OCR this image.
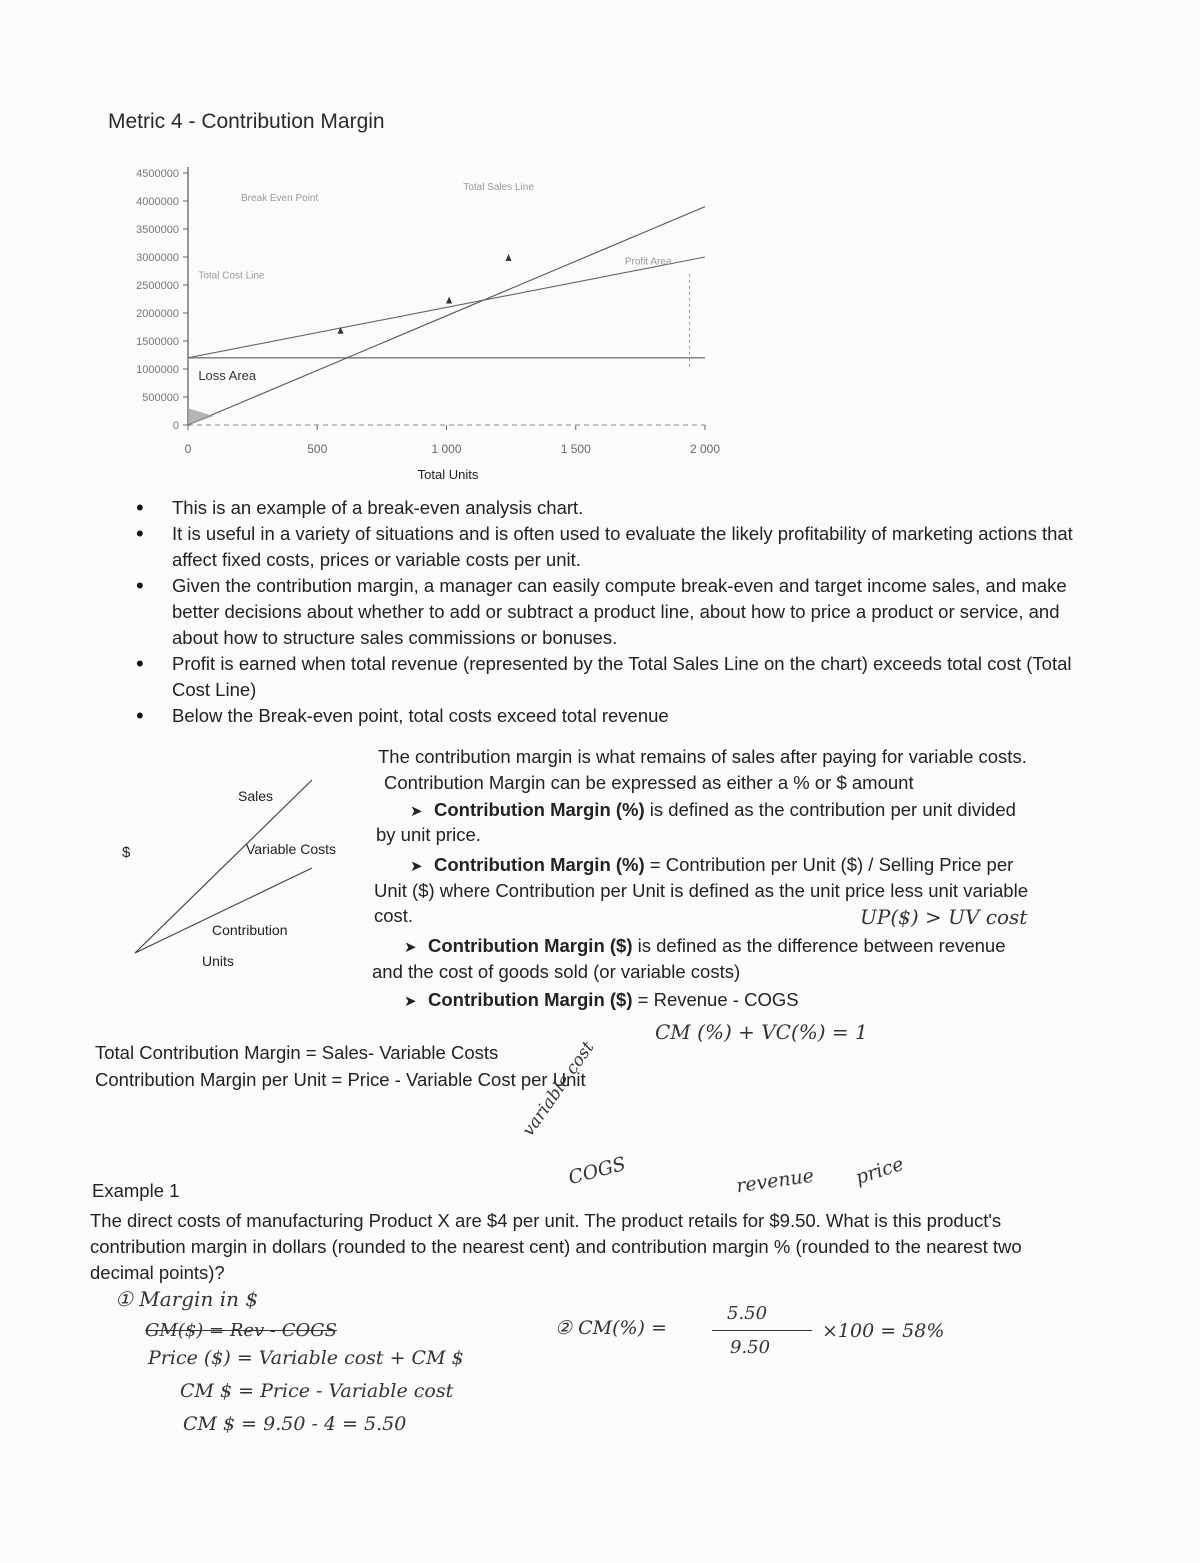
Metric 4 - Contribution Margin
0
500000
1000000
1500000
2000000
2500000
3000000
3500000
4000000
4500000
0	500	1 000	1 500	2 000
Break Even Point
Total Sales Line
Total Cost Line
Profit Area
Loss Area
Total Units
• This is an example of a break-even analysis chart.
• It is useful in a variety of situations and is often used to evaluate the likely profitability of marketing actions that affect fixed costs, prices or variable costs per unit.
• Given the contribution margin, a manager can easily compute break-even and target income sales, and make better decisions about whether to add or subtract a product line, about how to price a product or service, and about how to structure sales commissions or bonuses.
• Profit is earned when total revenue (represented by the Total Sales Line on the chart) exceeds total cost (Total Cost Line)
• Below the Break-even point, total costs exceed total revenue
Sales
Variable Costs
Contribution
Units
$
The contribution margin is what remains of sales after paying for variable costs.
Contribution Margin can be expressed as either a % or $ amount
➤ Contribution Margin (%) is defined as the contribution per unit divided
by unit price.
➤ Contribution Margin (%) = Contribution per Unit ($) / Selling Price per
Unit ($) where Contribution per Unit is defined as the unit price less unit variable
cost.
➤ Contribution Margin ($) is defined as the difference between revenue
and the cost of goods sold (or variable costs)
➤ Contribution Margin ($) = Revenue - COGS
UP($) > UV cost
CM (%) + VC(%) = 1
Total Contribution Margin = Sales- Variable Costs
Contribution Margin per Unit = Price - Variable Cost per Unit
variable cost
COGS	revenue price
Example 1
The direct costs of manufacturing Product X are $4 per unit. The product retails for $9.50. What is this product's contribution margin in dollars (rounded to the nearest cent) and contribution margin % (rounded to the nearest two decimal points)?
① Margin in $
GM($) = Rev - COGS
Price ($) = Variable cost + CM $
CM $ = Price - Variable cost
CM $ = 9.50 - 4 = 5.50
② CM(%) =
5.50
9.50
×100 = 58%
